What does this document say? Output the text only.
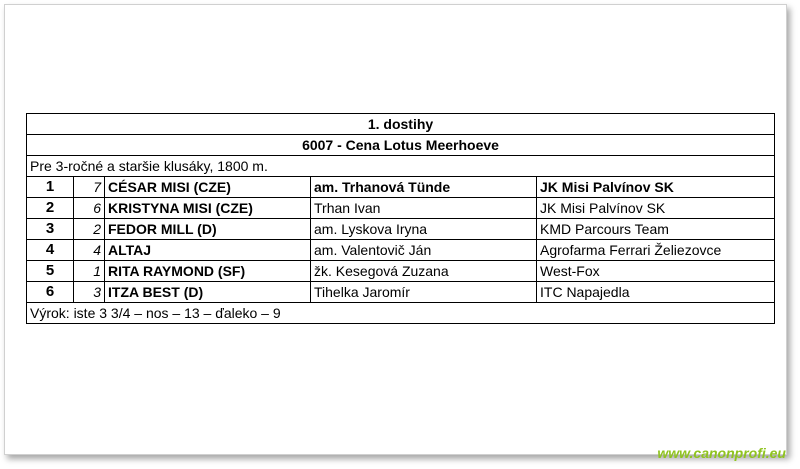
1. dostihy				
6007 - Cena Lotus Meerhoeve				
Pre 3-ročné a staršie klusáky, 1800 m.				
1	7	CÉSAR MISI (CZE)	am. Trhanová Tünde	JK Misi Palvínov SK
2	6	KRISTYNA MISI (CZE)	Trhan Ivan	JK Misi Palvínov SK
3	2	FEDOR MILL (D)	am. Lyskova Iryna	KMD Parcours Team
4	4	ALTAJ	am. Valentovič Ján	Agrofarma Ferrari Želiezovce
5	1	RITA RAYMOND (SF)	žk. Kesegová Zuzana	West-Fox
6	3	ITZA BEST (D)	Tihelka Jaromír	ITC Napajedla
Výrok: iste 3 3/4 – nos – 13 – ďaleko – 9				
www.canonprofi.eu
